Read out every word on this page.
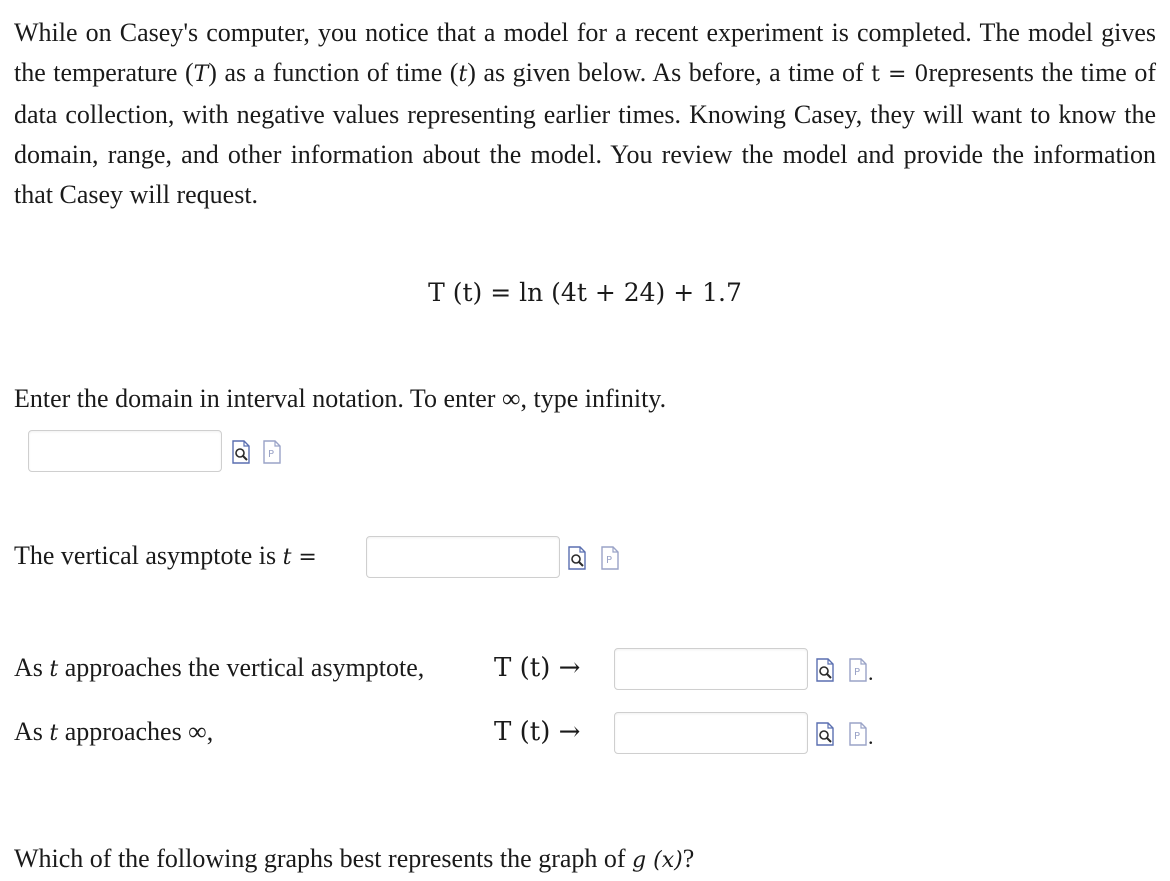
While on Casey's computer, you notice that a model for a recent experiment is completed. The model gives the temperature (T) as a function of time (t) as given below. As before, a time of t = 0represents the time of data collection, with negative values representing earlier times. Knowing Casey, they will want to know the domain, range, and other information about the model. You review the model and provide the information that Casey will request.
T (t) = ln (4t + 24) + 1.7
Enter the domain in interval notation. To enter ∞, type infinity.
P
The vertical asymptote is t =	P
As t approaches the vertical asymptote,	T (t) →	P .
As t approaches ∞,	T (t) →	P .
Which of the following graphs best represents the graph of g (x)?
